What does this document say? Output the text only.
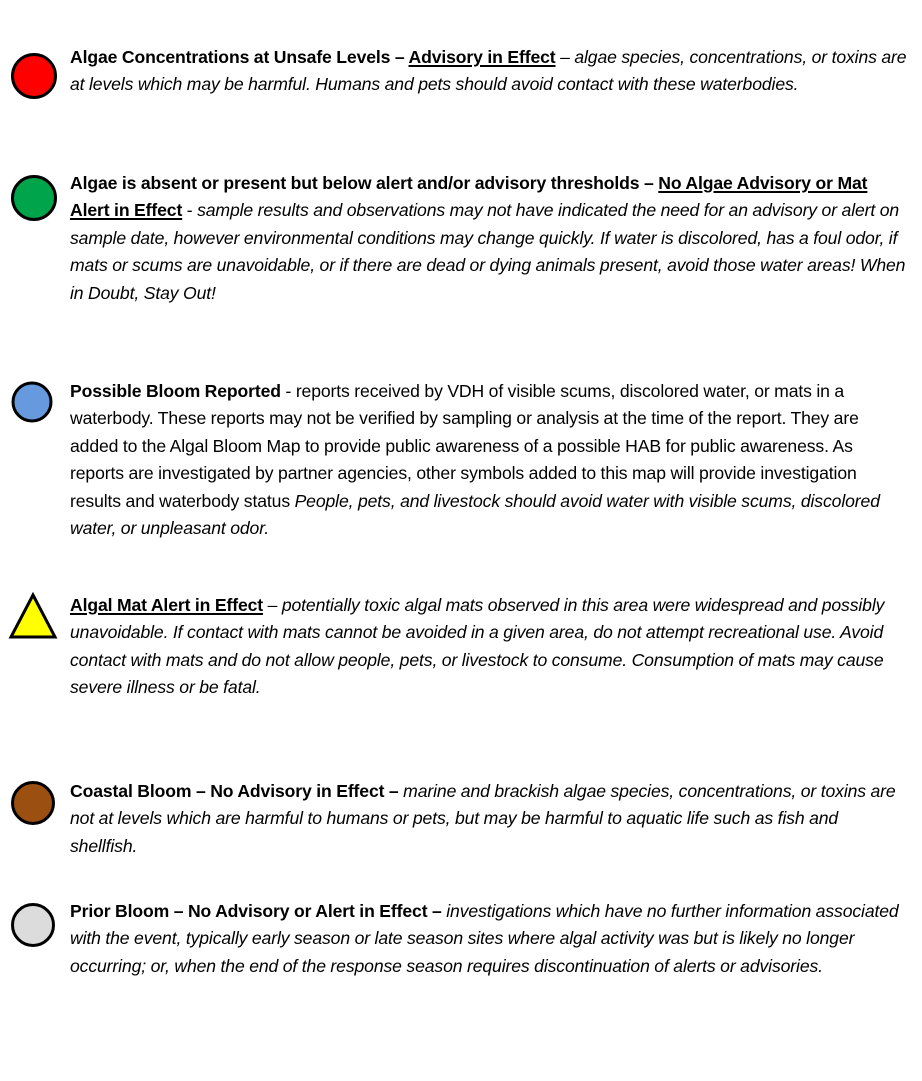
Algae Concentrations at Unsafe Levels – Advisory in Effect – algae species, concentrations, or toxins are at levels which may be harmful. Humans and pets should avoid contact with these waterbodies.
Algae is absent or present but below alert and/or advisory thresholds – No Algae Advisory or Mat Alert in Effect - sample results and observations may not have indicated the need for an advisory or alert on sample date, however environmental conditions may change quickly. If water is discolored, has a foul odor, if mats or scums are unavoidable, or if there are dead or dying animals present, avoid those water areas! When in Doubt, Stay Out!
Possible Bloom Reported - reports received by VDH of visible scums, discolored water, or mats in a waterbody. These reports may not be verified by sampling or analysis at the time of the report. They are added to the Algal Bloom Map to provide public awareness of a possible HAB for public awareness. As reports are investigated by partner agencies, other symbols added to this map will provide investigation results and waterbody status People, pets, and livestock should avoid water with visible scums, discolored water, or unpleasant odor.
Algal Mat Alert in Effect – potentially toxic algal mats observed in this area were widespread and possibly unavoidable. If contact with mats cannot be avoided in a given area, do not attempt recreational use. Avoid contact with mats and do not allow people, pets, or livestock to consume. Consumption of mats may cause severe illness or be fatal.
Coastal Bloom – No Advisory in Effect – marine and brackish algae species, concentrations, or toxins are not at levels which are harmful to humans or pets, but may be harmful to aquatic life such as fish and shellfish.
Prior Bloom – No Advisory or Alert in Effect – investigations which have no further information associated with the event, typically early season or late season sites where algal activity was but is likely no longer occurring; or, when the end of the response season requires discontinuation of alerts or advisories.
